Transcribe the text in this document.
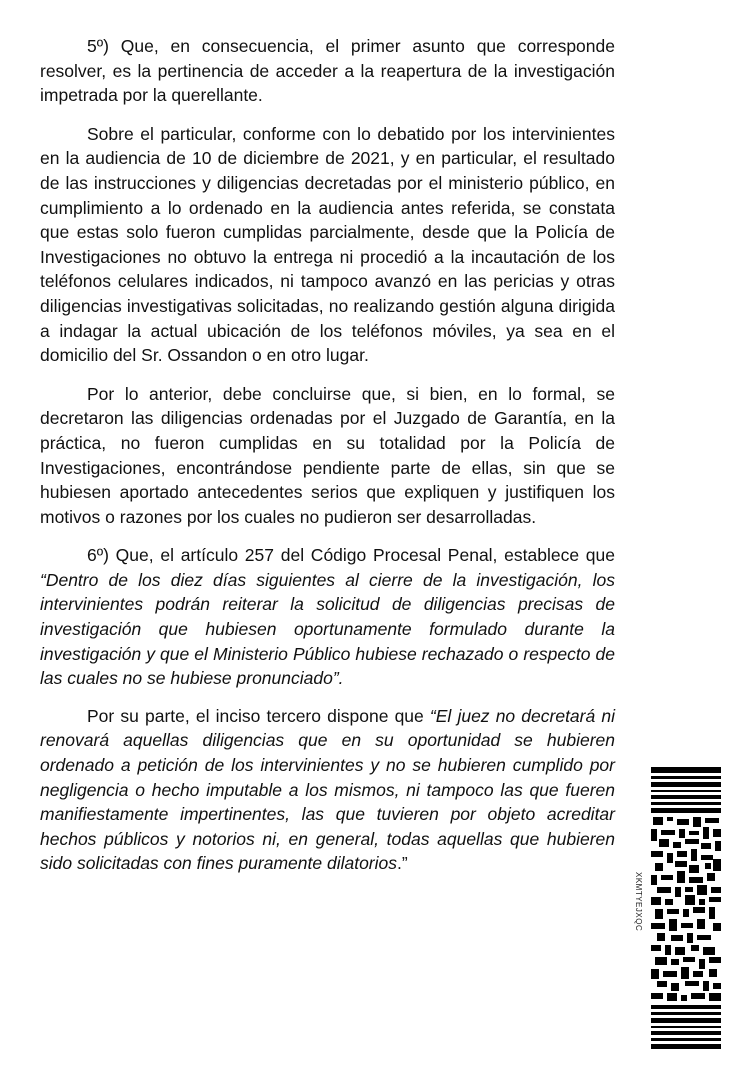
5º) Que, en consecuencia, el primer asunto que corresponde resolver, es la pertinencia de acceder a la reapertura de la investigación impetrada por la querellante.

Sobre el particular, conforme con lo debatido por los intervinientes en la audiencia de 10 de diciembre de 2021, y en particular, el resultado de las instrucciones y diligencias decretadas por el ministerio público, en cumplimiento a lo ordenado en la audiencia antes referida, se constata que estas solo fueron cumplidas parcialmente, desde que la Policía de Investigaciones no obtuvo la entrega ni procedió a la incautación de los teléfonos celulares indicados, ni tampoco avanzó en las pericias y otras diligencias investigativas solicitadas, no realizando gestión alguna dirigida a indagar la actual ubicación de los teléfonos móviles, ya sea en el domicilio del Sr. Ossandon o en otro lugar.

Por lo anterior, debe concluirse que, si bien, en lo formal, se decretaron las diligencias ordenadas por el Juzgado de Garantía, en la práctica, no fueron cumplidas en su totalidad por la Policía de Investigaciones, encontrándose pendiente parte de ellas, sin que se hubiesen aportado antecedentes serios que expliquen y justifiquen los motivos o razones por los cuales no pudieron ser desarrolladas.

6º) Que, el artículo 257 del Código Procesal Penal, establece que “Dentro de los diez días siguientes al cierre de la investigación, los intervinientes podrán reiterar la solicitud de diligencias precisas de investigación que hubiesen oportunamente formulado durante la investigación y que el Ministerio Público hubiese rechazado o respecto de las cuales no se hubiese pronunciado”.

Por su parte, el inciso tercero dispone que “El juez no decretará ni renovará aquellas diligencias que en su oportunidad se hubieren ordenado a petición de los intervinientes y no se hubieren cumplido por negligencia o hecho imputable a los mismos, ni tampoco las que fueren manifiestamente impertinentes, las que tuvieren por objeto acreditar hechos públicos y notorios ni, en general, todas aquellas que hubieren sido solicitadas con fines puramente dilatorios.”

XKMTYEJXQC
